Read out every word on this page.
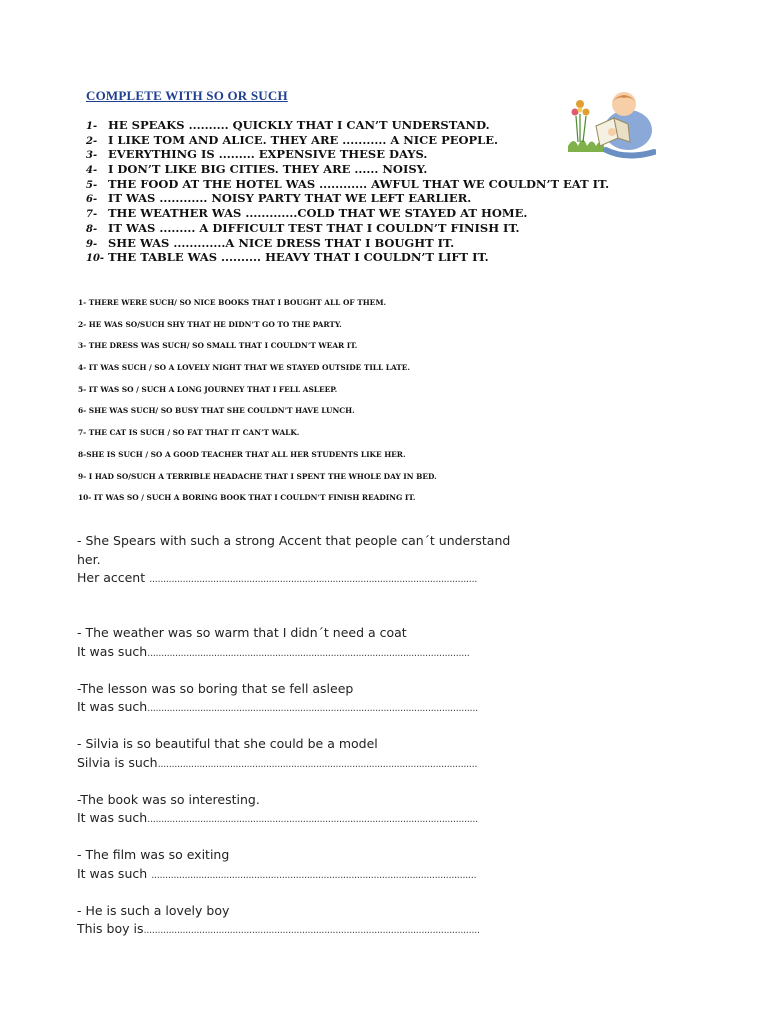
COMPLETE WITH SO OR SUCH
1- HE SPEAKS .......... QUICKLY THAT I CAN’T UNDERSTAND.
2- I LIKE TOM AND ALICE. THEY ARE ........... A NICE PEOPLE.
3- EVERYTHING IS ......... EXPENSIVE THESE DAYS.
4- I DON’T LIKE BIG CITIES. THEY ARE ...... NOISY.
5- THE FOOD AT THE HOTEL WAS ............ AWFUL THAT WE COULDN’T EAT IT.
6- IT WAS ............ NOISY PARTY THAT WE LEFT EARLIER.
7- THE WEATHER WAS .............COLD THAT WE STAYED AT HOME.
8- IT WAS ......... A DIFFICULT TEST THAT I COULDN’T FINISH IT.
9- SHE WAS .............A NICE DRESS THAT I BOUGHT IT.
10- THE TABLE WAS .......... HEAVY THAT I COULDN’T LIFT IT.
1- THERE WERE SUCH/ SO NICE BOOKS THAT I BOUGHT ALL OF THEM.
2- HE WAS SO/SUCH SHY THAT HE DIDN’T GO TO THE PARTY.
3- THE DRESS WAS SUCH/ SO SMALL THAT I COULDN’T WEAR IT.
4- IT WAS SUCH / SO A LOVELY NIGHT THAT WE STAYED OUTSIDE TILL LATE.
5- IT WAS SO / SUCH A LONG JOURNEY THAT I FELL ASLEEP.
6- SHE WAS SUCH/ SO BUSY THAT SHE COULDN’T HAVE LUNCH.
7- THE CAT IS SUCH / SO FAT THAT IT CAN’T WALK.
8-SHE IS SUCH / SO A GOOD TEACHER THAT ALL HER STUDENTS LIKE HER.
9- I HAD SO/SUCH A TERRIBLE HEADACHE THAT I SPENT THE WHOLE DAY IN BED.
10- IT WAS SO / SUCH A BORING BOOK THAT I COULDN’T FINISH READING IT.
- She Spears with such a strong Accent that people can´t understand
her.
Her accent ......................................................................................................................
- The weather was so warm that I didn´t need a coat
It was such....................................................................................................................
-The lesson was so boring that se fell asleep
It was such.......................................................................................................................
- Silvia is so beautiful that she could be a model
Silvia is such...................................................................................................................
-The book was so interesting.
It was such.......................................................................................................................
- The film was so exiting
It was such .....................................................................................................................
- He is such a lovely boy
This boy is.........................................................................................................................
